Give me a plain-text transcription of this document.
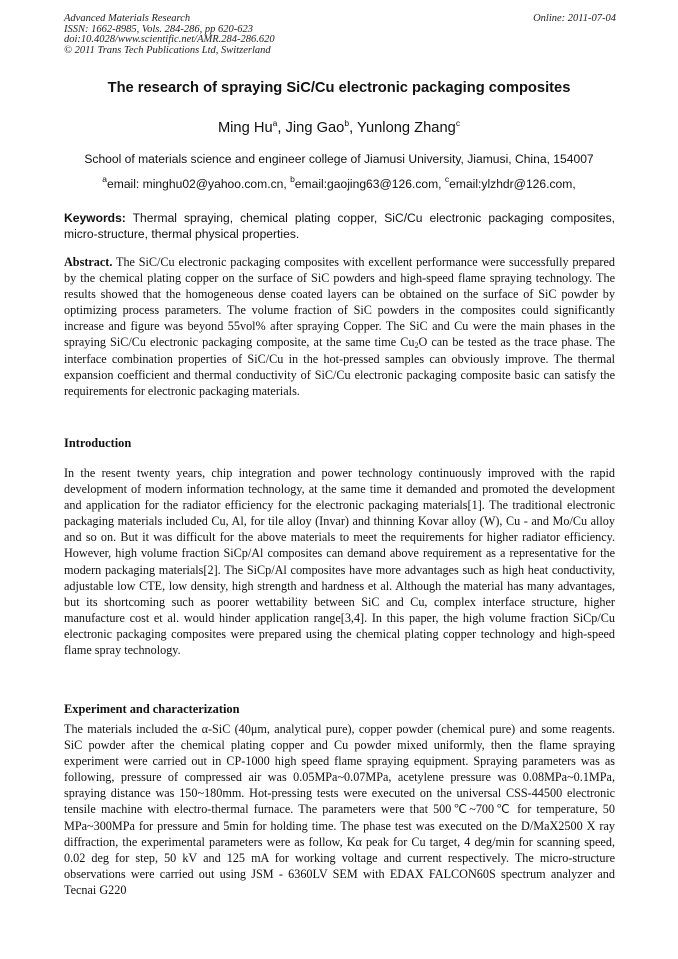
Advanced Materials Research
ISSN: 1662-8985, Vols. 284-286, pp 620-623
doi:10.4028/www.scientific.net/AMR.284-286.620
© 2011 Trans Tech Publications Ltd, Switzerland
Online: 2011-07-04
The research of spraying SiC/Cu electronic packaging composites
Ming Hu$^a$, Jing Gao$^b$, Yunlong Zhang$^c$
School of materials science and engineer college of Jiamusi University, Jiamusi, China, 154007
$^a$email: minghu02@yahoo.com.cn, $^b$email:gaojing63@126.com, $^c$email:ylzhdr@126.com,
Keywords: Thermal spraying, chemical plating copper, SiC/Cu electronic packaging composites, micro-structure, thermal physical properties.
Abstract. The SiC/Cu electronic packaging composites with excellent performance were successfully prepared by the chemical plating copper on the surface of SiC powders and high-speed flame spraying technology. The results showed that the homogeneous dense coated layers can be obtained on the surface of SiC powder by optimizing process parameters. The volume fraction of SiC powders in the composites could significantly increase and figure was beyond 55vol% after spraying Copper. The SiC and Cu were the main phases in the spraying SiC/Cu electronic packaging composite, at the same time $Cu_2O$ can be tested as the trace phase. The interface combination properties of SiC/Cu in the hot-pressed samples can obviously improve. The thermal expansion coefficient and thermal conductivity of SiC/Cu electronic packaging composite basic can satisfy the requirements for electronic packaging materials.
Introduction
In the resent twenty years, chip integration and power technology continuously improved with the rapid development of modern information technology, at the same time it demanded and promoted the development and application for the radiator efficiency for the electronic packaging materials[1]. The traditional electronic packaging materials included Cu, Al, for tile alloy (Invar) and thinning Kovar alloy (W), Cu - and Mo/Cu alloy and so on. But it was difficult for the above materials to meet the requirements for higher radiator efficiency. However, high volume fraction SiCp/Al composites can demand above requirement as a representative for the modern packaging materials[2]. The SiCp/Al composites have more advantages such as high heat conductivity, adjustable low CTE, low density, high strength and hardness et al. Although the material has many advantages, but its shortcoming such as poorer wettability between SiC and Cu, complex interface structure, higher manufacture cost et al. would hinder application range[3,4]. In this paper, the high volume fraction SiCp/Cu electronic packaging composites were prepared using the chemical plating copper technology and high-speed flame spray technology.
Experiment and characterization
The materials included the α-SiC (40μm, analytical pure), copper powder (chemical pure) and some reagents. SiC powder after the chemical plating copper and Cu powder mixed uniformly, then the flame spraying experiment were carried out in CP-1000 high speed flame spraying equipment. Spraying parameters was as following, pressure of compressed air was 0.05MPa~0.07MPa, acetylene pressure was 0.08MPa~0.1MPa, spraying distance was 150~180mm. Hot-pressing tests were executed on the universal CSS-44500 electronic tensile machine with electro-thermal furnace. The parameters were that 500℃~700℃ for temperature, 50 MPa~300MPa for pressure and 5min for holding time. The phase test was executed on the D/MaX2500 X ray diffraction, the experimental parameters were as follow, Kα peak for Cu target, 4 deg/min for scanning speed, 0.02 deg for step, 50 kV and 125 mA for working voltage and current respectively. The micro-structure observations were carried out using JSM - 6360LV SEM with EDAX FALCON60S spectrum analyzer and Tecnai G220
